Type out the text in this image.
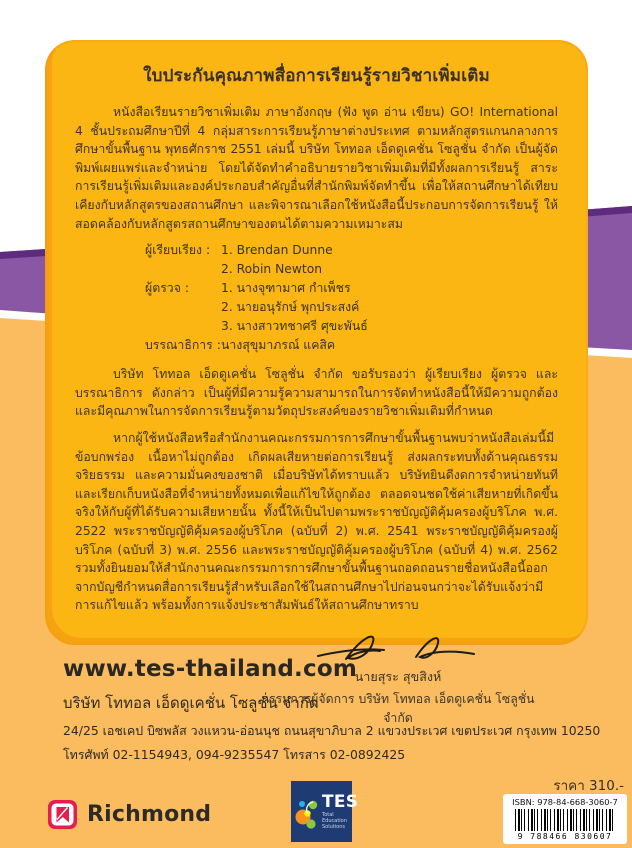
ใบประกันคุณภาพสื่อการเรียนรู้รายวิชาเพิ่มเติม

หนังสือเรียนรายวิชาเพิ่มเติม ภาษาอังกฤษ (ฟัง พูด อ่าน เขียน) GO! International 4 ชั้นประถมศึกษาปีที่ 4 กลุ่มสาระการเรียนรู้ภาษาต่างประเทศ ตามหลักสูตรแกนกลางการศึกษาขั้นพื้นฐาน พุทธศักราช 2551 เล่มนี้ บริษัท โททอล เอ็ดดูเคชั่น โซลูชั่น จำกัด เป็นผู้จัดพิมพ์เผยแพร่และจำหน่าย โดยได้จัดทำคำอธิบายรายวิชาเพิ่มเติมที่มีทั้งผลการเรียนรู้ สาระการเรียนรู้เพิ่มเติมและองค์ประกอบสำคัญอื่นที่สำนักพิมพ์จัดทำขึ้น เพื่อให้สถานศึกษาได้เทียบเคียงกับหลักสูตรของสถานศึกษา และพิจารณาเลือกใช้หนังสือนี้ประกอบการจัดการเรียนรู้ ให้สอดคล้องกับหลักสูตรสถานศึกษาของตนได้ตามความเหมาะสม

ผู้เรียบเรียง : 1. Brendan Dunne
2. Robin Newton
ผู้ตรวจ :	1. นางจุฑามาศ กำเพ็ชร
2. นายอนุรักษ์ พุกประสงค์
3. นางสาวทชาศรี ศุขะพันธ์
บรรณาธิการ : นางสุขุมาภรณ์ แคสิค

บริษัท โททอล เอ็ดดูเคชั่น โซลูชั่น จำกัด ขอรับรองว่า ผู้เรียบเรียง ผู้ตรวจ และบรรณาธิการ ดังกล่าว เป็นผู้ที่มีความรู้ความสามารถในการจัดทำหนังสือนี้ให้มีความถูกต้องและมีคุณภาพในการจัดการเรียนรู้ตามวัตถุประสงค์ของรายวิชาเพิ่มเติมที่กำหนด

หากผู้ใช้หนังสือหรือสำนักงานคณะกรรมการการศึกษาขั้นพื้นฐานพบว่าหนังสือเล่มนี้มีข้อบกพร่อง เนื้อหาไม่ถูกต้อง เกิดผลเสียหายต่อการเรียนรู้ ส่งผลกระทบทั้งด้านคุณธรรม จริยธรรม และความมั่นคงของชาติ เมื่อบริษัทได้ทราบแล้ว บริษัทยินดีงดการจำหน่ายทันที และเรียกเก็บหนังสือที่จำหน่ายทั้งหมดเพื่อแก้ไขให้ถูกต้อง ตลอดจนชดใช้ค่าเสียหายที่เกิดขึ้นจริงให้กับผู้ที่ได้รับความเสียหายนั้น ทั้งนี้ให้เป็นไปตามพระราชบัญญัติคุ้มครองผู้บริโภค พ.ศ. 2522 พระราชบัญญัติคุ้มครองผู้บริโภค (ฉบับที่ 2) พ.ศ. 2541 พระราชบัญญัติคุ้มครองผู้บริโภค (ฉบับที่ 3) พ.ศ. 2556 และพระราชบัญญัติคุ้มครองผู้บริโภค (ฉบับที่ 4) พ.ศ. 2562 รวมทั้งยินยอมให้สำนักงานคณะกรรมการการศึกษาขั้นพื้นฐานถอดถอนรายชื่อหนังสือนี้ออกจากบัญชีกำหนดสื่อการเรียนรู้สำหรับเลือกใช้ในสถานศึกษาไปก่อนจนกว่าจะได้รับแจ้งว่ามีการแก้ไขแล้ว พร้อมทั้งการแจ้งประชาสัมพันธ์ให้สถานศึกษาทราบ

นายสุระ สุขสิงห์
กรรมการผู้จัดการ บริษัท โททอล เอ็ดดูเคชั่น โซลูชั่น จำกัด
www.tes-thailand.com
บริษัท โททอล เอ็ดดูเคชั่น โซลูชั่น จำกัด
24/25 เอชเคป บิซพลัส วงแหวน-อ่อนนุช ถนนสุขาภิบาล 2 แขวงประเวศ เขตประเวศ กรุงเทพ 10250
โทรศัพท์ 02-1154943, 094-9235547 โทรสาร 02-0892425
Richmond
TES
Total Education Solutions
ราคา 310.-
ISBN: 978-84-668-3060-7
9 788466 830607
